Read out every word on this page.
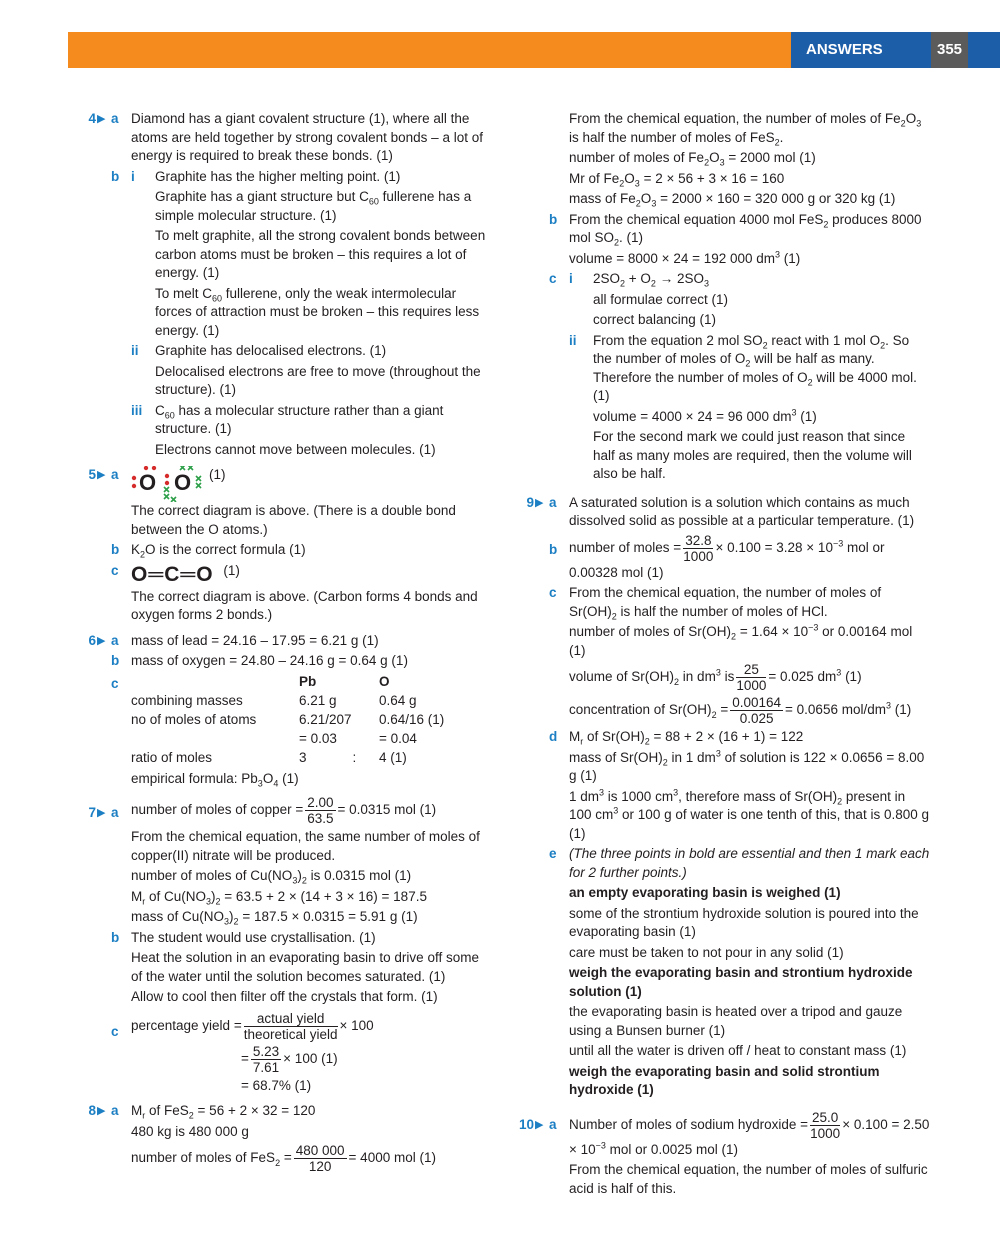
ANSWERS	355
4 ▶ a Diamond has a giant covalent structure (1), where all the atoms are held together by strong covalent bonds – a lot of energy is required to break these bonds. (1)

b i Graphite has the higher melting point. (1)

Graphite has a giant structure but $C_{60}$ fullerene has a simple molecular structure. (1)

To melt graphite, all the strong covalent bonds between carbon atoms must be broken – this requires a lot of energy. (1)

To melt $C_{60}$ fullerene, only the weak intermolecular forces of attraction must be broken – this requires less energy. (1)

ii Graphite has delocalised electrons. (1)

Delocalised electrons are free to move (throughout the structure). (1)

iii $C_{60}$ has a molecular structure rather than a giant structure. (1)

Electrons cannot move between molecules. (1)

5 ▶ a O O (1)

The correct diagram is above. (There is a double bond between the O atoms.)

b $K_2O$ is the correct formula (1)

c O═C═O (1)

The correct diagram is above. (Carbon forms 4 bonds and oxygen forms 2 bonds.)

6 ▶ a mass of lead = 24.16 – 17.95 = 6.21 g (1)

b mass of oxygen = 24.80 – 24.16 g = 0.64 g (1)

c
		Pb	O
combining masses	6.21 g	0.64 g
no of moles of atoms	6.21/207	0.64/16 (1)
	= 0.03	= 0.04
ratio of moles	3 :	4 (1)

empirical formula: $Pb_3O_4$ (1)

7 ▶ a number of moles of copper = $\frac{2.00}{63.5} = 0.0315$ mol (1)

From the chemical equation, the same number of moles of copper(II) nitrate will be produced.

number of moles of $Cu(NO_3)_2$ is 0.0315 mol (1)

$M_r$ of $Cu(NO_3)_2 = 63.5 + 2 \times (14 + 3 \times 16) = 187.5$

mass of $Cu(NO_3)_2 = 187.5 \times 0.0315 = 5.91$ g (1)

b The student would use crystallisation. (1)

Heat the solution in an evaporating basin to drive off some of the water until the solution becomes saturated. (1)

Allow to cool then filter off the crystals that form. (1)

c percentage yield = $\frac{\text{actual yield}}{\text{theoretical yield}} \times 100$

= $\frac{5.23}{7.61} \times 100$ (1)

= 68.7% (1)

8 ▶ a $M_r$ of FeS$_2$ = 56 + 2 × 32 = 120

480 kg is 480 000 g

number of moles of $FeS_2 = \frac{480 000}{120} = 4000$ mol (1)

From the chemical equation, the number of moles of $Fe_2O_3$ is half the number of moles of FeS$_2$.

number of moles of $Fe_2O_3 = 2000$ mol (1)

Mr of $Fe_2O_3 = 2 \times 56 + 3 \times 16 = 160$

mass of $Fe_2O_3 = 2000 \times 160 = 320$ 000 g or 320 kg (1)

b From the chemical equation 4000 mol FeS$_2$ produces 8000 mol $SO_2$. (1)

volume = 8000 × 24 = 192 000 $dm^3$ (1)

c i $2SO_2 + O_2 \to 2SO_3$

all formulae correct (1)

correct balancing (1)

ii From the equation 2 mol $SO_2$ react with 1 mol $O_2$. So the number of moles of $O_2$ will be half as many. Therefore the number of moles of $O_2$ will be 4000 mol. (1)

volume = 4000 × 24 = 96 000 $dm^3$ (1)

For the second mark we could just reason that since half as many moles are required, then the volume will also be half.

9 ▶ a A saturated solution is a solution which contains as much dissolved solid as possible at a particular temperature. (1)

b number of moles = $\frac{32.8}{1000} \times 0.100 = 3.28 \times 10^{-3}$ mol or 0.00328 mol (1)

c From the chemical equation, the number of moles of $Sr(OH)_2$ is half the number of moles of HCl.

number of moles of $Sr(OH)_2 = 1.64 \times 10^{-3}$ or 0.00164 mol (1)

volume of $Sr(OH)_2$ in $dm^3$ is $\frac{25}{1000} = 0.025$ $dm^3$ (1)

concentration of $Sr(OH)_2 = \frac{0.00164}{0.025} = 0.0656$ mol/$dm^3$ (1)

d $M_r$ of $Sr(OH)_2 = 88 + 2 \times (16 + 1) = 122$

mass of $Sr(OH)_2$ in 1 $dm^3$ of solution is 122 × 0.0656 = 8.00 g (1)

1 $dm^3$ is 1000 $cm^3$, therefore mass of $Sr(OH)_2$ present in 100 $cm^3$ or 100 g of water is one tenth of this, that is 0.800 g (1)

e (The three points in bold are essential and then 1 mark each for 2 further points.)

an empty evaporating basin is weighed (1)

some of the strontium hydroxide solution is poured into the evaporating basin (1)

care must be taken to not pour in any solid (1)

weigh the evaporating basin and strontium hydroxide solution (1)

the evaporating basin is heated over a tripod and gauze using a Bunsen burner (1)

until all the water is driven off / heat to constant mass (1)

weigh the evaporating basin and solid strontium hydroxide (1)

10 ▶ a Number of moles of sodium hydroxide = $\frac{25.0}{1000} \times 0.100 = 2.50 \times 10^{-3}$ mol or 0.0025 mol (1)

From the chemical equation, the number of moles of sulfuric acid is half of this.
